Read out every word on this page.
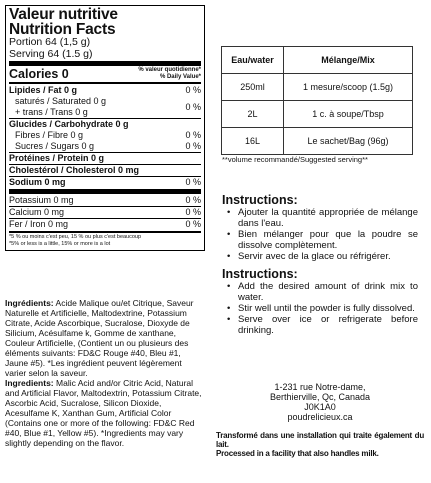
Valeur nutritive
Nutrition Facts
Portion 64 (1,5 g)
Serving 64 (1.5 g)
Calories 0	% valeur quotidienne*
% Daily Value*
Lipides / Fat 0 g	0 %
saturés / Saturated 0 g
+ trans / Trans 0 g	0 %
Glucides / Carbohydrate 0 g
Fibres / Fibre 0 g	0 %
Sucres / Sugars 0 g	0 %
Protéines / Protein 0 g
Cholestérol / Cholesterol 0 mg
Sodium 0 mg	0 %
Potassium 0 mg	0 %
Calcium 0 mg	0 %
Fer / Iron 0 mg	0 %
*5 % ou moins c'est peu, 15 % ou plus c'est beaucoup
*5% or less is a little, 15% or more is a lot

Ingrédients: Acide Malique ou/et Citrique, Saveur Naturelle et Artificielle, Maltodextrine, Potassium Citrate, Acide Ascorbique, Sucralose, Dioxyde de Silicium, Acésulfame k, Gomme de xanthane, Couleur Artificielle, (Contient un ou plusieurs des éléments suivants: FD&C Rouge #40, Bleu #1, Jaune #5). *Les ingrédient peuvent légèrement varier selon la saveur.

Ingredients: Malic Acid and/or Citric Acid, Natural and Artificial Flavor, Maltodextrin, Potassium Citrate, Ascorbic Acid, Sucralose, Silicon Dioxide, Acesulfame K, Xanthan Gum, Artificial Color (Contains one or more of the following: FD&C Red #40, Blue #1, Yellow #5). *Ingredients may vary slightly depending on the flavor.

Eau/water	Mélange/Mix
250ml	1 mesure/scoop (1.5g)
2L	1 c. à soupe/Tbsp
16L	Le sachet/Bag (96g)
**volume recommandé/Suggested serving**
Instructions:
• Ajouter la quantité appropriée de mélange dans l'eau.
• Bien mélanger pour que la poudre se dissolve complètement.
• Servir avec de la glace ou réfrigérer.
Instructions:
• Add the desired amount of drink mix to water.
• Stir well until the powder is fully dissolved.
• Serve over ice or refrigerate before drinking.
1-231 rue Notre-dame,
Berthierville, Qc, Canada
J0K1A0
poudrelicieux.ca
Transformé dans une installation qui traite également du lait.
Processed in a facility that also handles milk.
